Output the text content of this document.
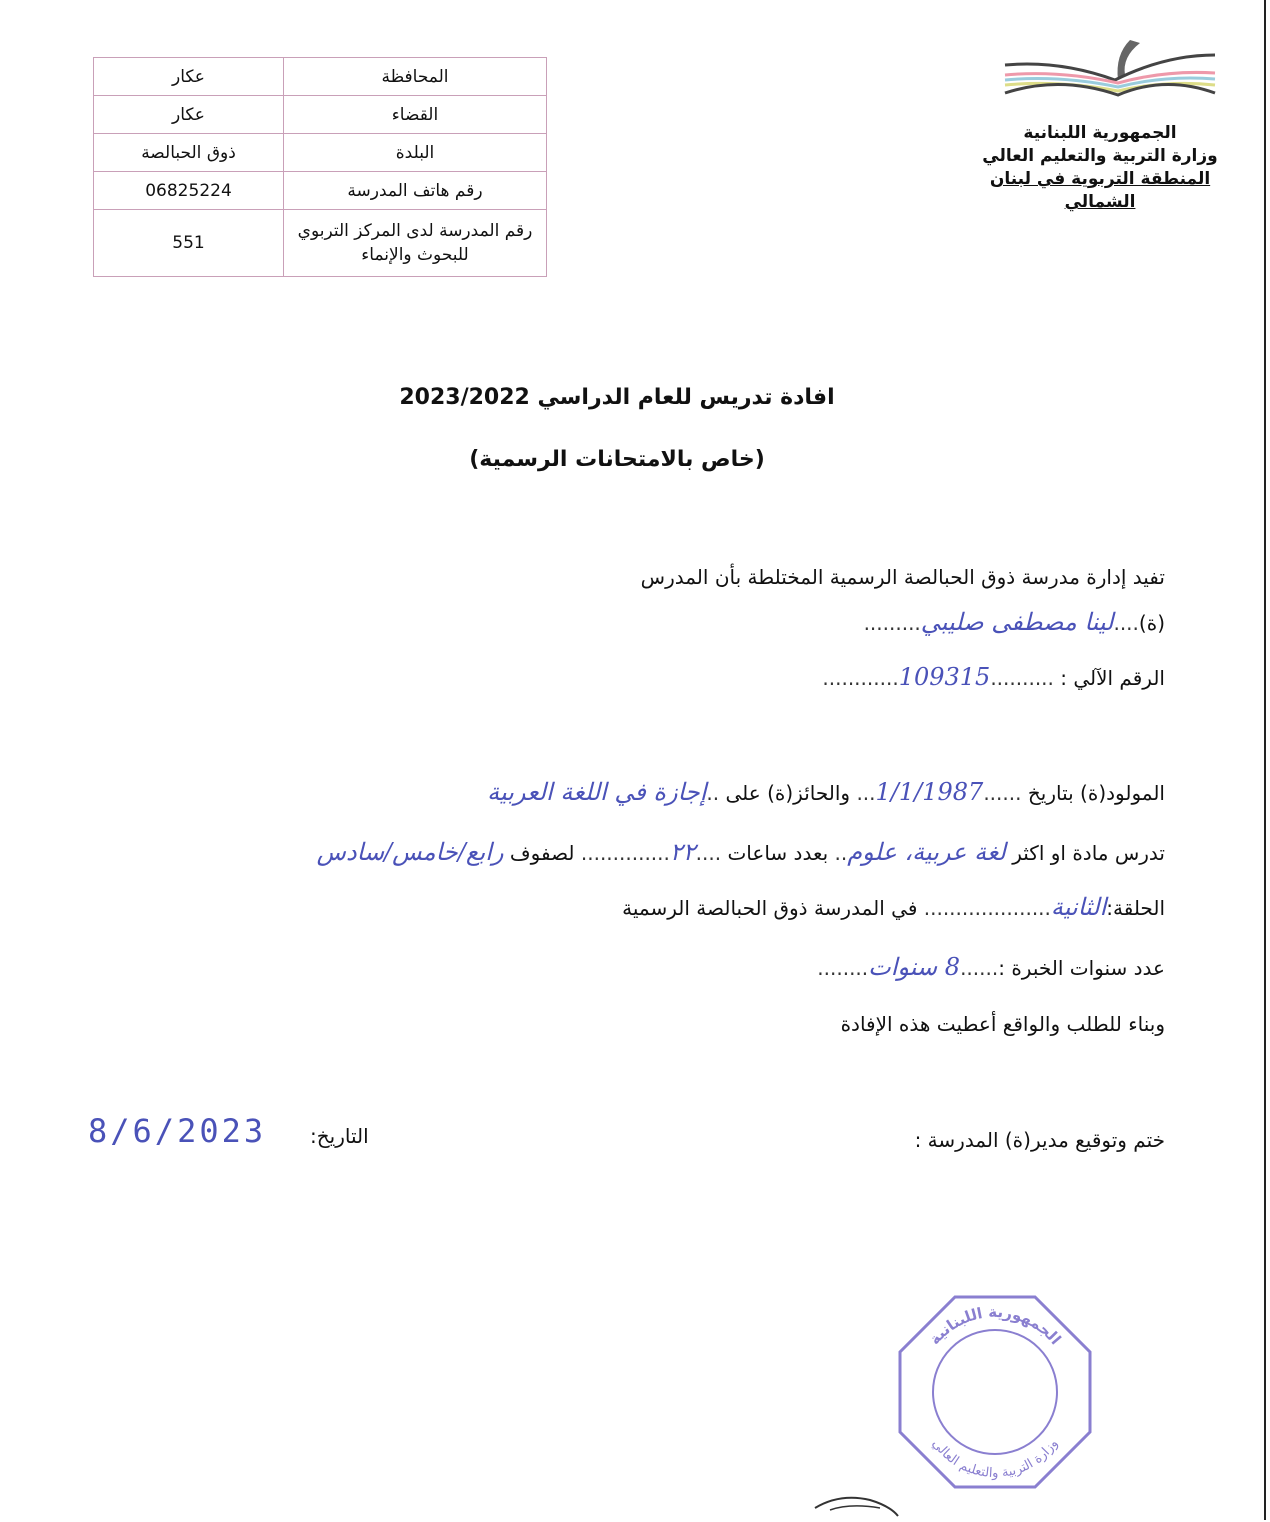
الجمهورية اللبنانية
وزارة التربية والتعليم العالي
المنطقة التربوية في لبنان الشمالي
المحافظة	عكار
القضاء	عكار
البلدة	ذوق الحبالصة
رقم هاتف المدرسة	06825224
رقم المدرسة لدى المركز التربوي للبحوث والإنماء	551
افادة تدريس للعام الدراسي 2023/2022
(خاص بالامتحانات الرسمية)
تفيد إدارة مدرسة ذوق الحبالصة الرسمية المختلطة بأن المدرس
(ة)....لينا مصطفى صليبي.........
الرقم الآلي : ..........109315............
المولود(ة) بتاريخ ......1/1/1987... والحائز(ة) على ..إجازة في اللغة العربية
تدرس مادة او اكثر لغة عربية، علوم.. بعدد ساعات ....٢٢.............. لصفوف رابع/خامس/سادس
الحلقة:الثانية.................... في المدرسة ذوق الحبالصة الرسمية
عدد سنوات الخبرة :......8 سنوات........
وبناء للطلب والواقع أعطيت هذه الإفادة
ختم وتوقيع مدير(ة) المدرسة :
التاريخ:
8/6/2023
الجمهورية اللبنانية
وزارة التربية والتعليم العالي
